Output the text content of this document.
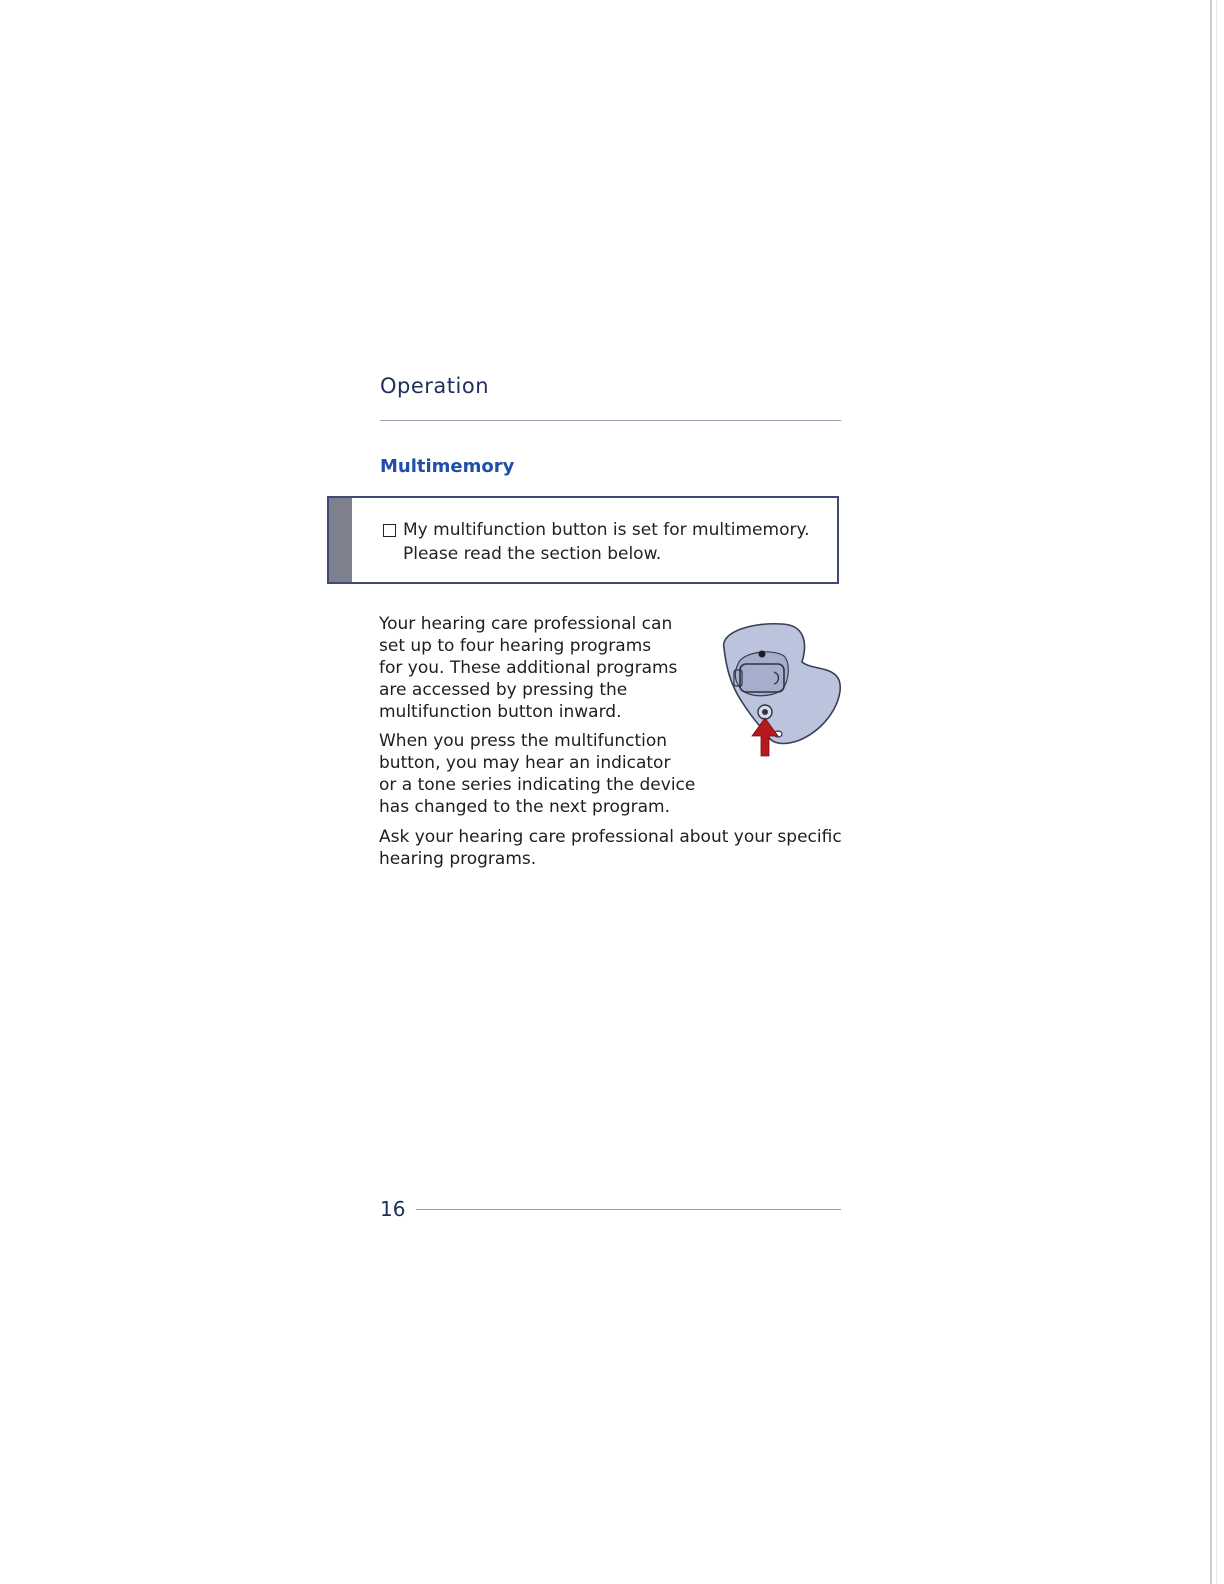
Operation
Multimemory
My multifunction button is set for multimemory.
Please read the section below.
Your hearing care professional can
set up to four hearing programs
for you. These additional programs
are accessed by pressing the
multifunction button inward.
When you press the multifunction
button, you may hear an indicator
or a tone series indicating the device
has changed to the next program.
Ask your hearing care professional about your specific
hearing programs.
16
